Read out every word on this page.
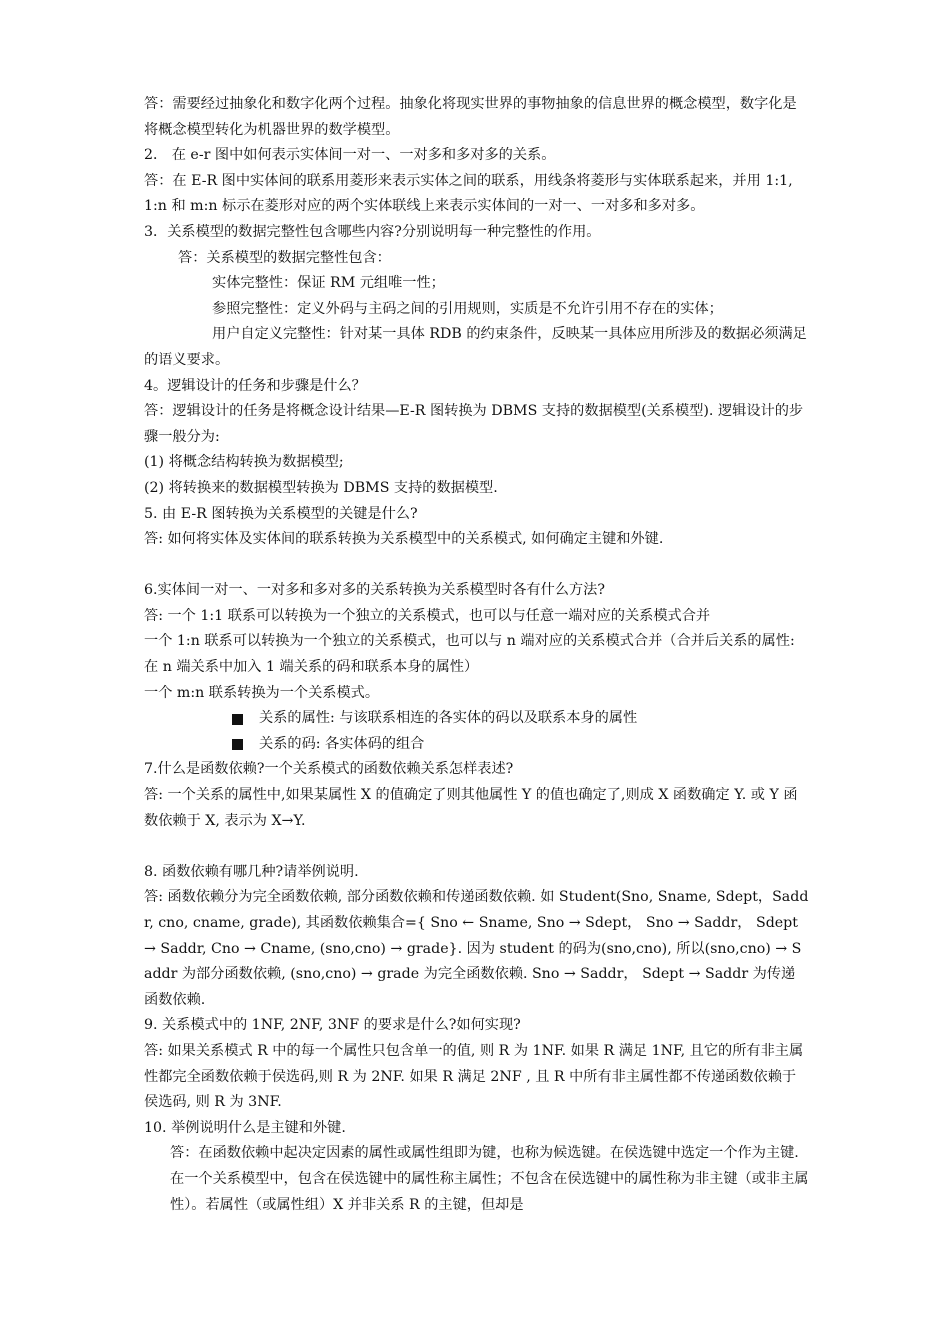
答：需要经过抽象化和数字化两个过程。抽象化将现实世界的事物抽象的信息世界的概念模型，数字化是将概念模型转化为机器世界的数学模型。

2． 在 e-r 图中如何表示实体间一对一、一对多和多对多的关系。

答：在 E-R 图中实体间的联系用菱形来表示实体之间的联系，用线条将菱形与实体联系起来，并用 1:1, 1:n 和 m:n 标示在菱形对应的两个实体联线上来表示实体间的一对一、一对多和多对多。

3．关系模型的数据完整性包含哪些内容?分别说明每一种完整性的作用。

答：关系模型的数据完整性包含：

实体完整性：保证 RM 元组唯一性；

参照完整性：定义外码与主码之间的引用规则，实质是不允许引用不存在的实体；

用户自定义完整性：针对某一具体 RDB 的约束条件，反映某一具体应用所涉及的数据必须满足的语义要求。

4。逻辑设计的任务和步骤是什么？

答：逻辑设计的任务是将概念设计结果—E-R 图转换为 DBMS 支持的数据模型(关系模型). 逻辑设计的步骤一般分为:

(1) 将概念结构转换为数据模型;

(2) 将转换来的数据模型转换为 DBMS 支持的数据模型.

5. 由 E-R 图转换为关系模型的关键是什么?

答: 如何将实体及实体间的联系转换为关系模型中的关系模式, 如何确定主键和外键.

6.实体间一对一、一对多和多对多的关系转换为关系模型时各有什么方法?

答: 一个 1:1 联系可以转换为一个独立的关系模式，也可以与任意一端对应的关系模式合并

一个 1:n 联系可以转换为一个独立的关系模式，也可以与 n 端对应的关系模式合并（合并后关系的属性: 在 n 端关系中加入 1 端关系的码和联系本身的属性）

一个 m:n 联系转换为一个关系模式。

关系的属性: 与该联系相连的各实体的码以及联系本身的属性
关系的码: 各实体码的组合

7.什么是函数依赖?一个关系模式的函数依赖关系怎样表述?

答: 一个关系的属性中,如果某属性 X 的值确定了则其他属性 Y 的值也确定了,则成 X 函数确定 Y. 或 Y 函数依赖于 X, 表示为 X→Y.

8. 函数依赖有哪几种?请举例说明.

答: 函数依赖分为完全函数依赖, 部分函数依赖和传递函数依赖. 如 Student(Sno, Sname, Sdept，Saddr, cno, cname, grade), 其函数依赖集合={ Sno ← Sname, Sno → Sdept， Sno → Saddr， Sdept → Saddr, Cno → Cname, (sno,cno) → grade}. 因为 student 的码为(sno,cno), 所以(sno,cno) → Saddr 为部分函数依赖, (sno,cno) → grade 为完全函数依赖. Sno → Saddr， Sdept → Saddr 为传递函数依赖.

9. 关系模式中的 1NF, 2NF, 3NF 的要求是什么?如何实现?

答: 如果关系模式 R 中的每一个属性只包含单一的值, 则 R 为 1NF. 如果 R 满足 1NF, 且它的所有非主属性都完全函数依赖于侯选码,则 R 为 2NF. 如果 R 满足 2NF , 且 R 中所有非主属性都不传递函数依赖于侯选码, 则 R 为 3NF.

10. 举例说明什么是主键和外键.

答：在函数依赖中起决定因素的属性或属性组即为键，也称为候选键。在侯选键中选定一个作为主键. 在一个关系模型中，包含在侯选键中的属性称主属性；不包含在侯选键中的属性称为非主键（或非主属性）。若属性（或属性组）X 并非关系 R 的主键，但却是
